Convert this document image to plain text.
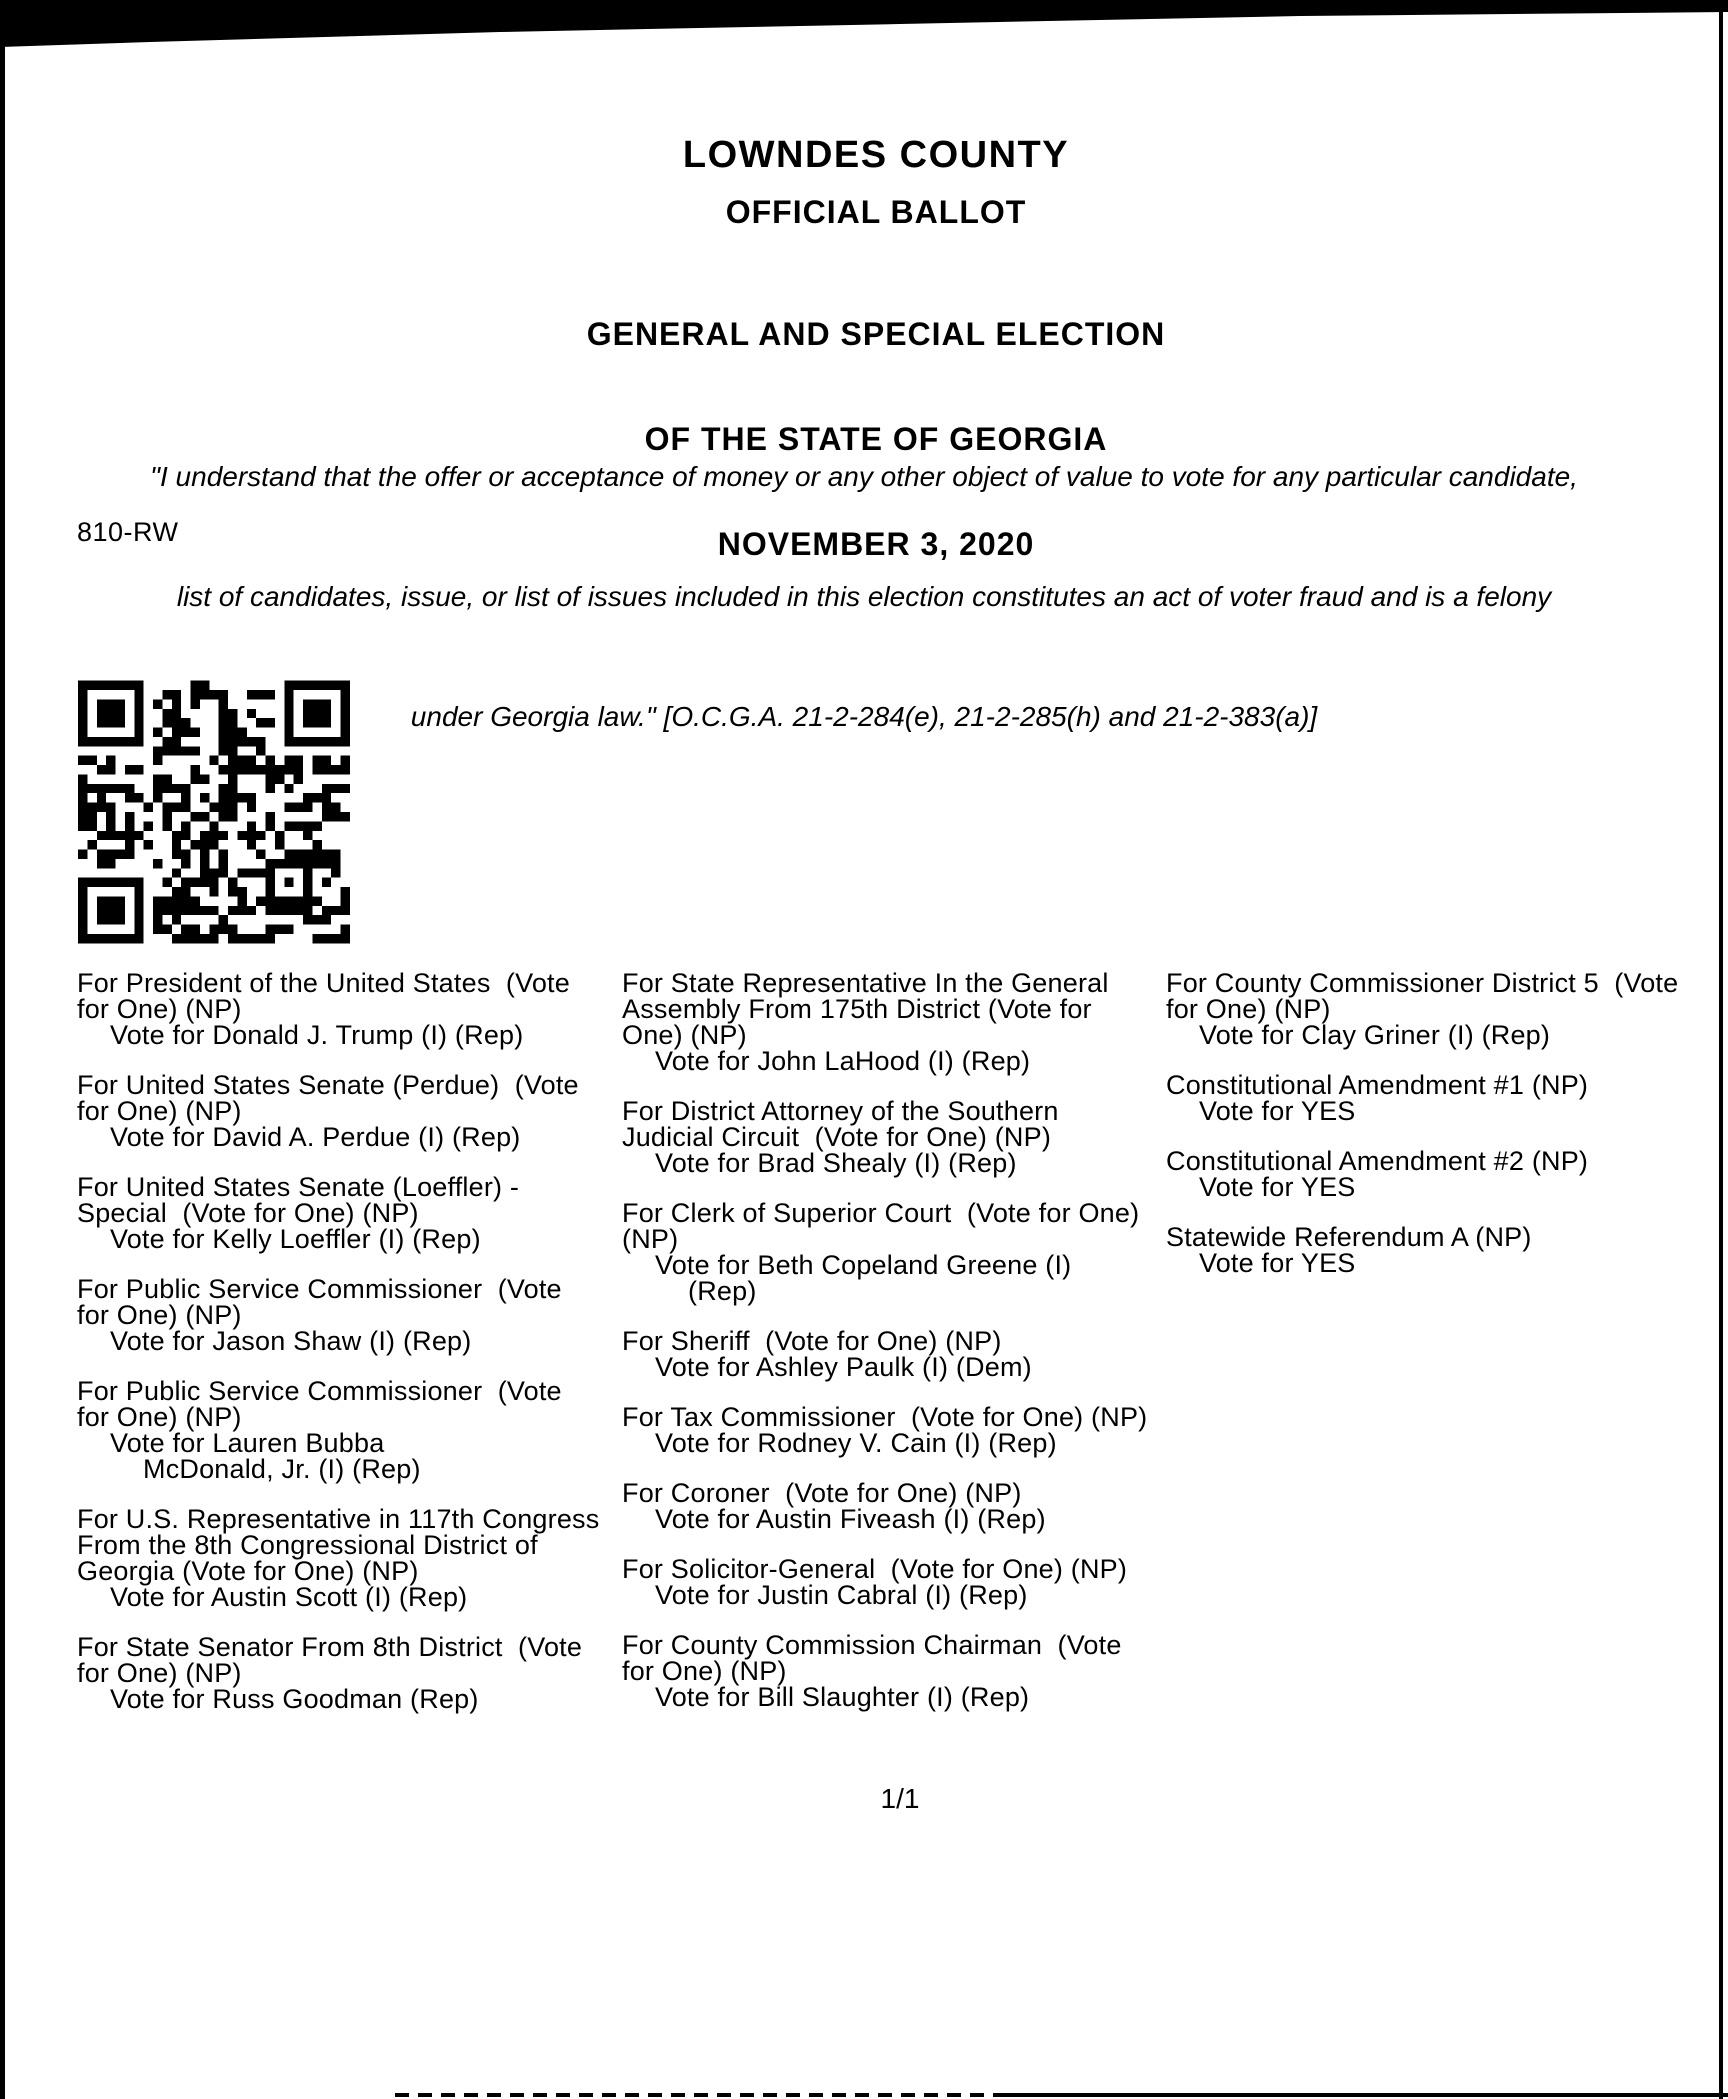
LOWNDES COUNTY
OFFICIAL BALLOT

GENERAL AND SPECIAL ELECTION

OF THE STATE OF GEORGIA

NOVEMBER 3, 2020

"I understand that the offer or acceptance of money or any other object of value to vote for any particular candidate,

list of candidates, issue, or list of issues included in this election constitutes an act of voter fraud and is a felony

under Georgia law." [O.C.G.A. 21-2-284(e), 21-2-285(h) and 21-2-383(a)]

810-RW
For President of the United States  (Vote
for One) (NP)
Vote for Donald J. Trump (I) (Rep)
For United States Senate (Perdue)  (Vote
for One) (NP)
Vote for David A. Perdue (I) (Rep)
For United States Senate (Loeffler) -
Special  (Vote for One) (NP)
Vote for Kelly Loeffler (I) (Rep)
For Public Service Commissioner  (Vote
for One) (NP)
Vote for Jason Shaw (I) (Rep)
For Public Service Commissioner  (Vote
for One) (NP)
Vote for Lauren Bubba
McDonald, Jr. (I) (Rep)
For U.S. Representative in 117th Congress
From the 8th Congressional District of
Georgia (Vote for One) (NP)
Vote for Austin Scott (I) (Rep)
For State Senator From 8th District  (Vote
for One) (NP)
Vote for Russ Goodman (Rep)
For State Representative In the General
Assembly From 175th District (Vote for
One) (NP)
Vote for John LaHood (I) (Rep)
For District Attorney of the Southern
Judicial Circuit  (Vote for One) (NP)
Vote for Brad Shealy (I) (Rep)
For Clerk of Superior Court  (Vote for One)
(NP)
Vote for Beth Copeland Greene (I)
(Rep)
For Sheriff  (Vote for One) (NP)
Vote for Ashley Paulk (I) (Dem)
For Tax Commissioner  (Vote for One) (NP)
Vote for Rodney V. Cain (I) (Rep)
For Coroner  (Vote for One) (NP)
Vote for Austin Fiveash (I) (Rep)
For Solicitor-General  (Vote for One) (NP)
Vote for Justin Cabral (I) (Rep)
For County Commission Chairman  (Vote
for One) (NP)
Vote for Bill Slaughter (I) (Rep)
For County Commissioner District 5  (Vote
for One) (NP)
Vote for Clay Griner (I) (Rep)
Constitutional Amendment #1 (NP)
Vote for YES
Constitutional Amendment #2 (NP)
Vote for YES
Statewide Referendum A (NP)
Vote for YES
1/1
